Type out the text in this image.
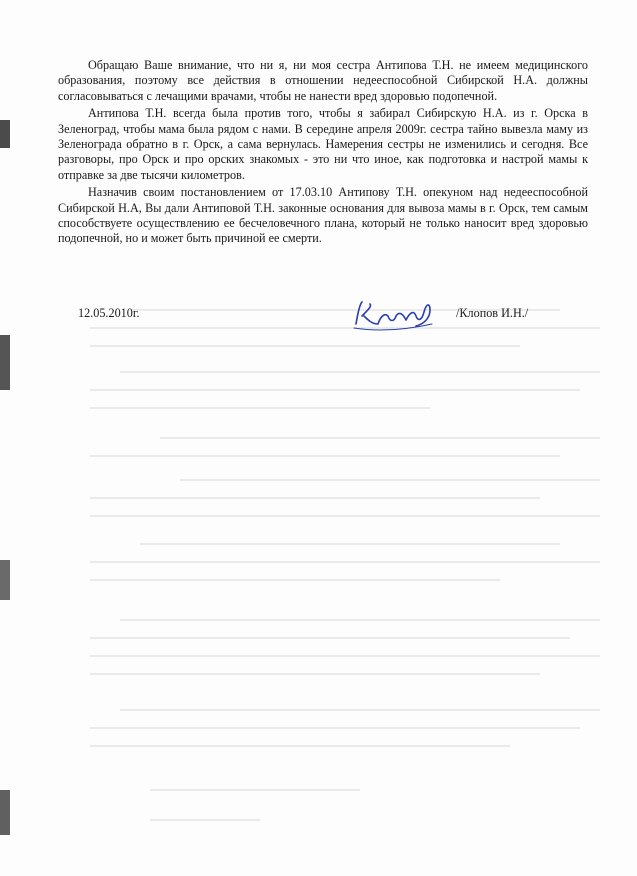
Обращаю Ваше внимание, что ни я, ни моя сестра Антипова Т.Н. не имеем медицинского образования, поэтому все действия в отношении недееспособной Сибирской Н.А. должны согласовываться с лечащими врачами, чтобы не нанести вред здоровью подопечной.

Антипова Т.Н. всегда была против того, чтобы я забирал Сибирскую Н.А. из г. Орска в Зеленоград, чтобы мама была рядом с нами. В середине апреля 2009г. сестра тайно вывезла маму из Зеленограда обратно в г. Орск, а сама вернулась. Намерения сестры не изменились и сегодня. Все разговоры, про Орск и про орских знакомых - это ни что иное, как подготовка и настрой мамы к отправке за две тысячи километров.

Назначив своим постановлением от 17.03.10 Антипову Т.Н. опекуном над недееспособной Сибирской Н.А, Вы дали Антиповой Т.Н. законные основания для вывоза мамы в г. Орск, тем самым способствуете осуществлению ее бесчеловечного плана, который не только наносит вред здоровью подопечной, но и может быть причиной ее смерти.

12.05.2010г.	/Клопов И.Н./
